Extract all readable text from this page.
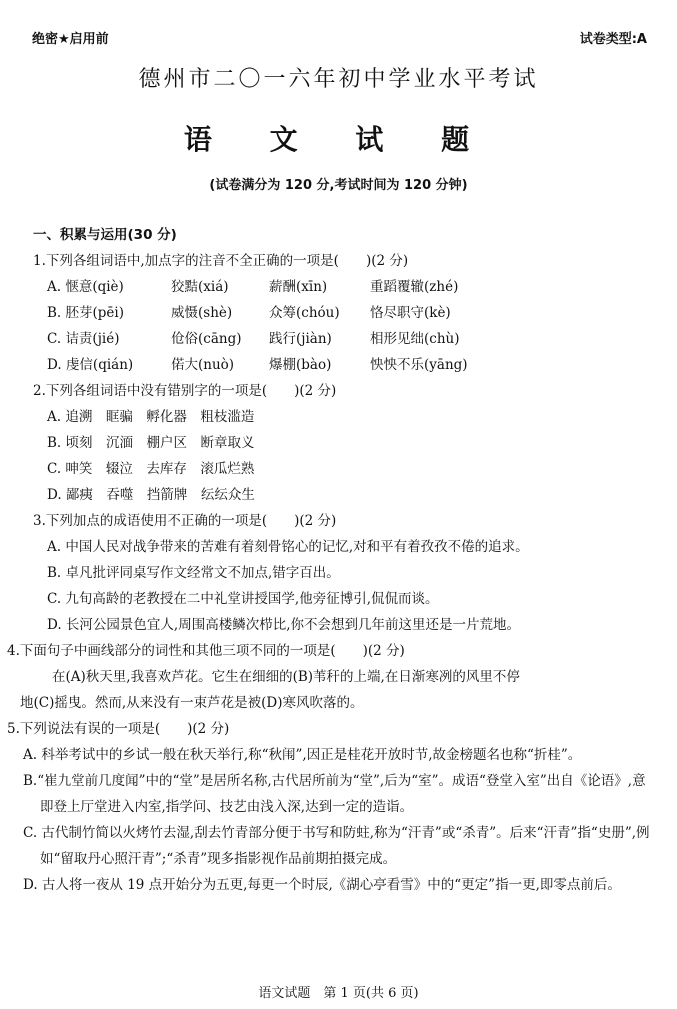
绝密★启用前	试卷类型:A
德州市二〇一六年初中学业水平考试
语 文 试 题
(试卷满分为 120 分,考试时间为 120 分钟)
一、积累与运用(30 分)
1.下列各组词语中,加点字的注音不全正确的一项是(　　)(2 分)
A. 惬意(qiè)	狡黠(xiá)	薪酬(xīn)	重蹈覆辙(zhé)
B. 胚芽(pēi)	威慑(shè)	众筹(chóu) 恪尽职守(kè)
C. 诘责(jié)	伧俗(cāng) 践行(jiàn)	相形见绌(chù)
D. 虔信(qián)	偌大(nuò)	爆棚(bào)	怏怏不乐(yāng)
2.下列各组词语中没有错别字的一项是(　　)(2 分)
A. 追溯　眶骗　孵化器　粗枝滥造
B. 顷刻　沉湎　棚户区　断章取义
C. 呻笑　辍泣　去库存　滚瓜烂熟
D. 鄙痍　吞噬　挡箭牌　纭纭众生
3.下列加点的成语使用不正确的一项是(　　)(2 分)
A. 中国人民对战争带来的苦难有着刻骨铭心的记忆,对和平有着孜孜不倦的追求。
B. 卓凡批评同桌写作文经常文不加点,错字百出。
C. 九旬高龄的老教授在二中礼堂讲授国学,他旁征博引,侃侃而谈。
D. 长河公园景色宜人,周围高楼鳞次栉比,你不会想到几年前这里还是一片荒地。
4.下面句子中画线部分的词性和其他三项不同的一项是(　　)(2 分)
在(A)秋天里,我喜欢芦花。它生在细细的(B)苇秆的上端,在日渐寒冽的风里不停
地(C)摇曳。然而,从来没有一束芦花是被(D)寒风吹落的。
5.下列说法有误的一项是(　　)(2 分)
A. 科举考试中的乡试一般在秋天举行,称“秋闱”,因正是桂花开放时节,故金榜题名也称“折桂”。
B.“崔九堂前几度闻”中的“堂”是居所名称,古代居所前为“堂”,后为“室”。成语“登堂入室”出自《论语》,意即登上厅堂进入内室,指学问、技艺由浅入深,达到一定的造诣。
C. 古代制竹简以火烤竹去湿,刮去竹青部分便于书写和防蛀,称为“汗青”或“杀青”。后来“汗青”指“史册”,例如“留取丹心照汗青”;“杀青”现多指影视作品前期拍摄完成。
D. 古人将一夜从 19 点开始分为五更,每更一个时辰,《湖心亭看雪》中的“更定”指一更,即零点前后。
语文试题　第 1 页(共 6 页)
